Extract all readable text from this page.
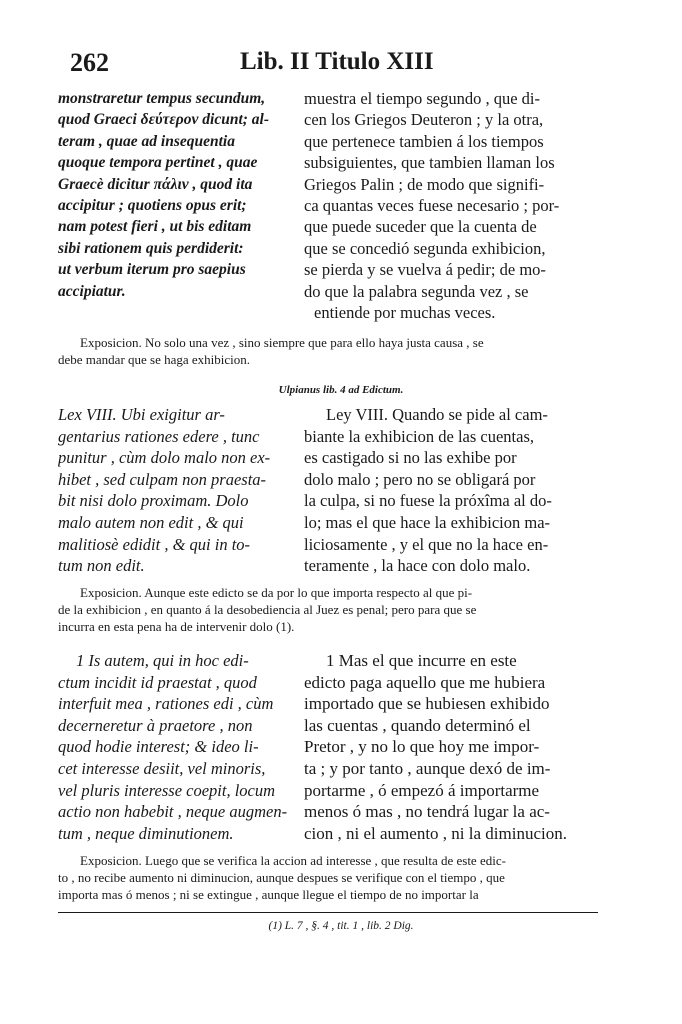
262	Lib. II Titulo XIII
monstraretur tempus secundum,
quod Graeci δεύτερον dicunt; al-
teram , quae ad insequentia
quoque tempora pertinet , quae
Graecè dicitur πάλιν , quod ita
accipitur ; quotiens opus erit;
nam potest fieri , ut bis editam
sibi rationem quis perdiderit:
ut verbum iterum pro saepius
accipiatur.
muestra el tiempo segundo , que di-
cen los Griegos Deuteron ; y la otra,
que pertenece tambien á los tiempos
subsiguientes, que tambien llaman los
Griegos Palin ; de modo que signifi-
ca quantas veces fuese necesario ; por-
que puede suceder que la cuenta de
que se concedió segunda exhibicion,
se pierda y se vuelva á pedir; de mo-
do que la palabra segunda vez , se
entiende por muchas veces.
Exposicion. No solo una vez , sino siempre que para ello haya justa causa , se
debe mandar que se haga exhibicion.
Ulpianus lib. 4 ad Edictum.
Lex VIII. Ubi exigitur ar-
gentarius rationes edere , tunc
punitur , cùm dolo malo non ex-
hibet , sed culpam non praesta-
bit nisi dolo proximam. Dolo
malo autem non edit , & qui
malitiosè edidit , & qui in to-
tum non edit.
Ley VIII. Quando se pide al cam-
biante la exhibicion de las cuentas,
es castigado si no las exhibe por
dolo malo ; pero no se obligará por
la culpa, si no fuese la próxîma al do-
lo; mas el que hace la exhibicion ma-
liciosamente , y el que no la hace en-
teramente , la hace con dolo malo.
Exposicion. Aunque este edicto se da por lo que importa respecto al que pi-
de la exhibicion , en quanto á la desobediencia al Juez es penal; pero para que se
incurra en esta pena ha de intervenir dolo (1).
1 Is autem, qui in hoc edi-
ctum incidit id praestat , quod
interfuit mea , rationes edi , cùm
decerneretur à praetore , non
quod hodie interest; & ideo li-
cet interesse desiit, vel minoris,
vel pluris interesse coepit, locum
actio non habebit , neque augmen-
tum , neque diminutionem.
1 Mas el que incurre en este
edicto paga aquello que me hubiera
importado que se hubiesen exhibido
las cuentas , quando determinó el
Pretor , y no lo que hoy me impor-
ta ; y por tanto , aunque dexó de im-
portarme , ó empezó á importarme
menos ó mas , no tendrá lugar la ac-
cion , ni el aumento , ni la diminucion.
Exposicion. Luego que se verifica la accion ad interesse , que resulta de este edic-
to , no recibe aumento ni diminucion, aunque despues se verifique con el tiempo , que
importa mas ó menos ; ni se extingue , aunque llegue el tiempo de no importar la
(1) L. 7 , §. 4 , tit. 1 , lib. 2 Dig.
